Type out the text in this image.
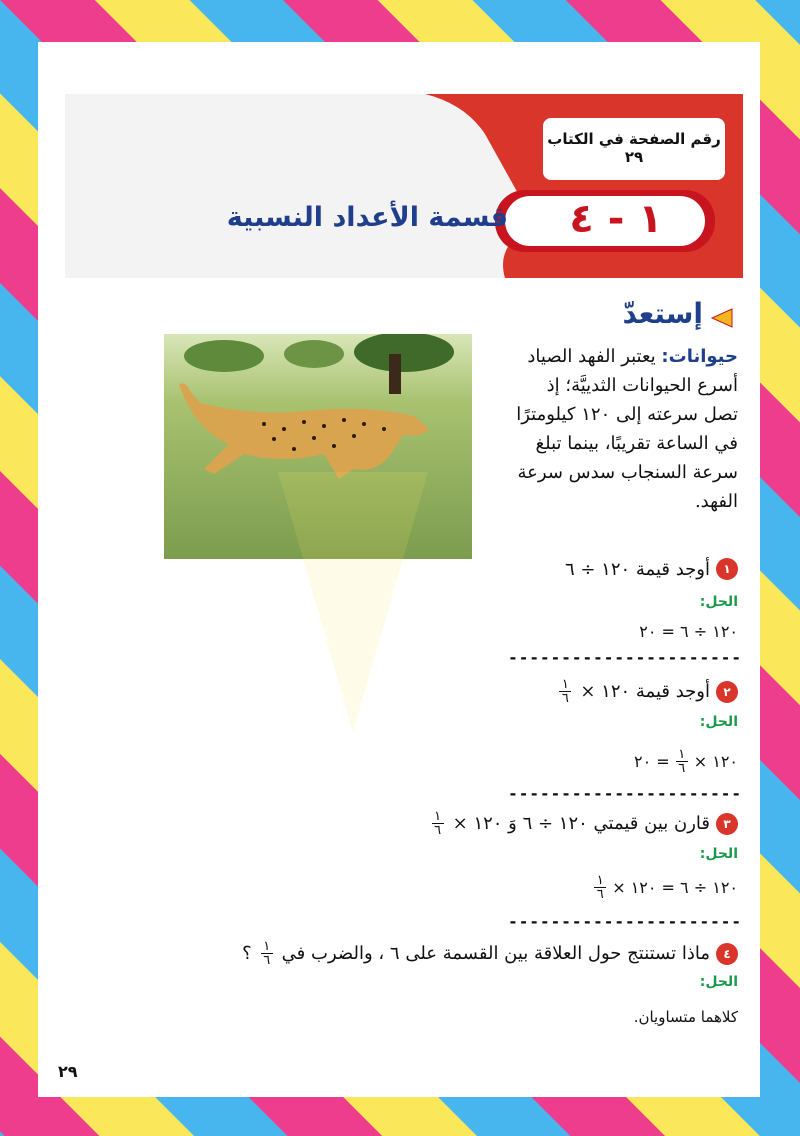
رقم الصفحة في الكتاب
٢٩
١ - ٤
قسمة الأعداد النسبية
إستعدّ
حيوانات: يعتبر الفهد الصياد أسرع الحيوانات الثدييَّة؛ إذ تصل سرعته إلى ١٢٠ كيلومترًا في الساعة تقريبًا، بينما تبلغ سرعة السنجاب سدس سرعة الفهد.
١
أوجد قيمة ١٢٠ ÷ ٦
الحل:
١٢٠ ÷ ٦ = ٢٠
----------------------
٢
أوجد قيمة ١٢٠ ×
$\frac{١}{٦}$
الحل:
١٢٠ ×
$\frac{١}{٦}$
= ٢٠
----------------------
٣
قارن بين قيمتي ١٢٠ ÷ ٦ وَ ١٢٠ ×
$\frac{١}{٦}$
الحل:
١٢٠ ÷ ٦ = ١٢٠ ×
$\frac{١}{٦}$
----------------------
٤
ماذا تستنتج حول العلاقة بين القسمة على ٦ ، والضرب في
$\frac{١}{٦}$
؟
الحل:
كلاهما متساويان.
٢٩
